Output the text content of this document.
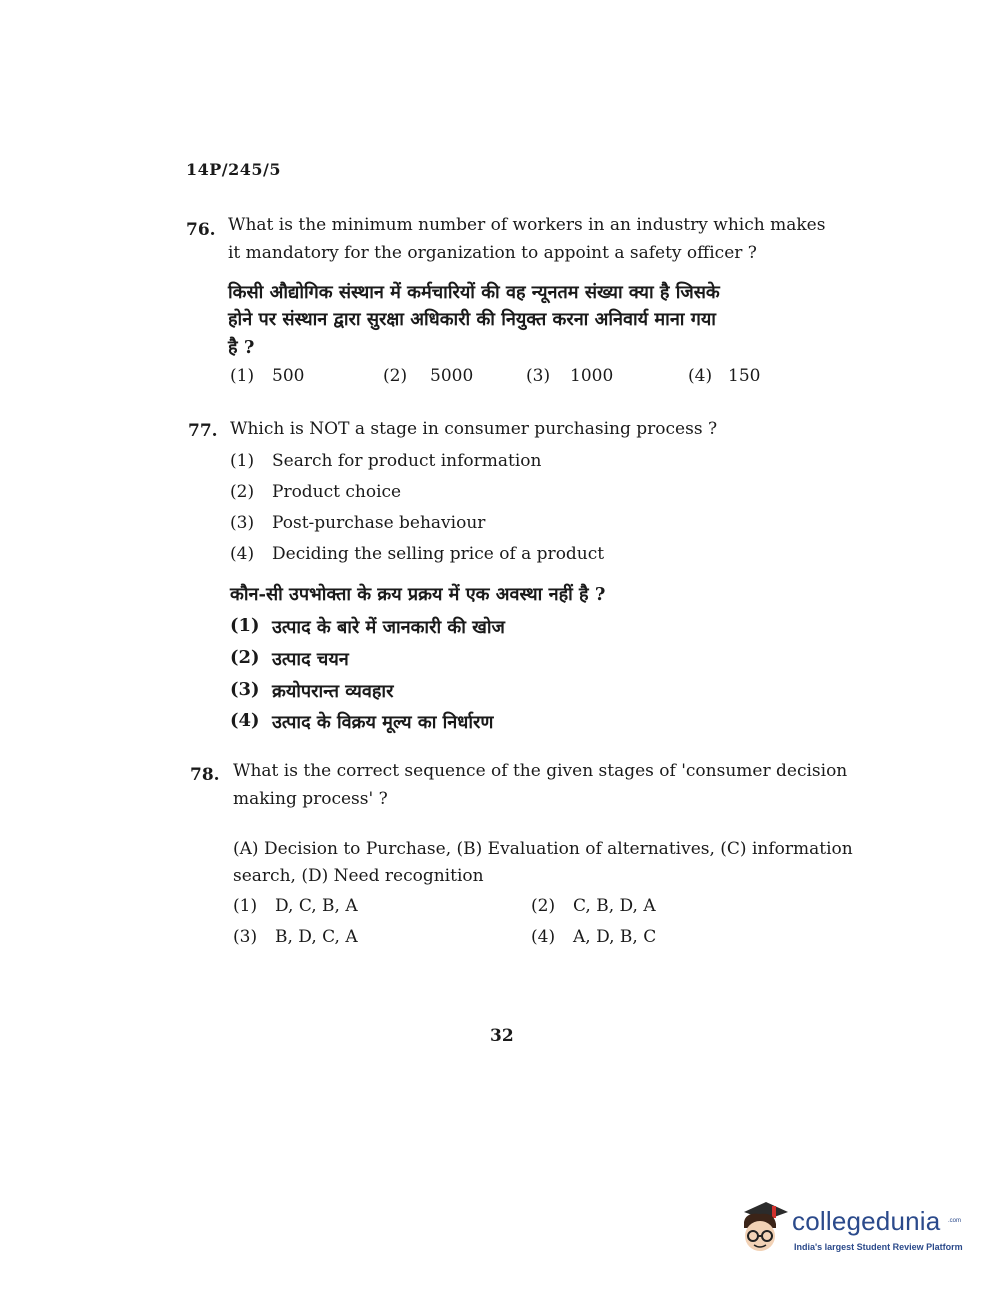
14P/245/5
76. What is the minimum number of workers in an industry which makes
it mandatory for the organization to appoint a safety officer ?
किसी औद्योगिक संस्थान में कर्मचारियों की वह न्यूनतम संख्या क्या है जिसके
होने पर संस्थान द्वारा सुरक्षा अधिकारी की नियुक्त करना अनिवार्य माना गया
है ?
(1) 500	(2) 5000	(3) 1000	(4) 150
77. Which is NOT a stage in consumer purchasing process ?
(1) Search for product information
(2) Product choice
(3) Post-purchase behaviour
(4) Deciding the selling price of a product
कौन-सी उपभोक्ता के क्रय प्रक्रय में एक अवस्था नहीं है ?
(1) उत्पाद के बारे में जानकारी की खोज
(2) उत्पाद चयन
(3) क्रयोपरान्त व्यवहार
(4) उत्पाद के विक्रय मूल्य का निर्धारण
78. What is the correct sequence of the given stages of 'consumer decision
making process' ?
(A) Decision to Purchase, (B) Evaluation of alternatives, (C) information
search, (D) Need recognition
(1) D, C, B, A	(2) C, B, D, A
(3) B, D, C, A	(4) A, D, B, C
32
collegedunia .com
India's largest Student Review Platform
